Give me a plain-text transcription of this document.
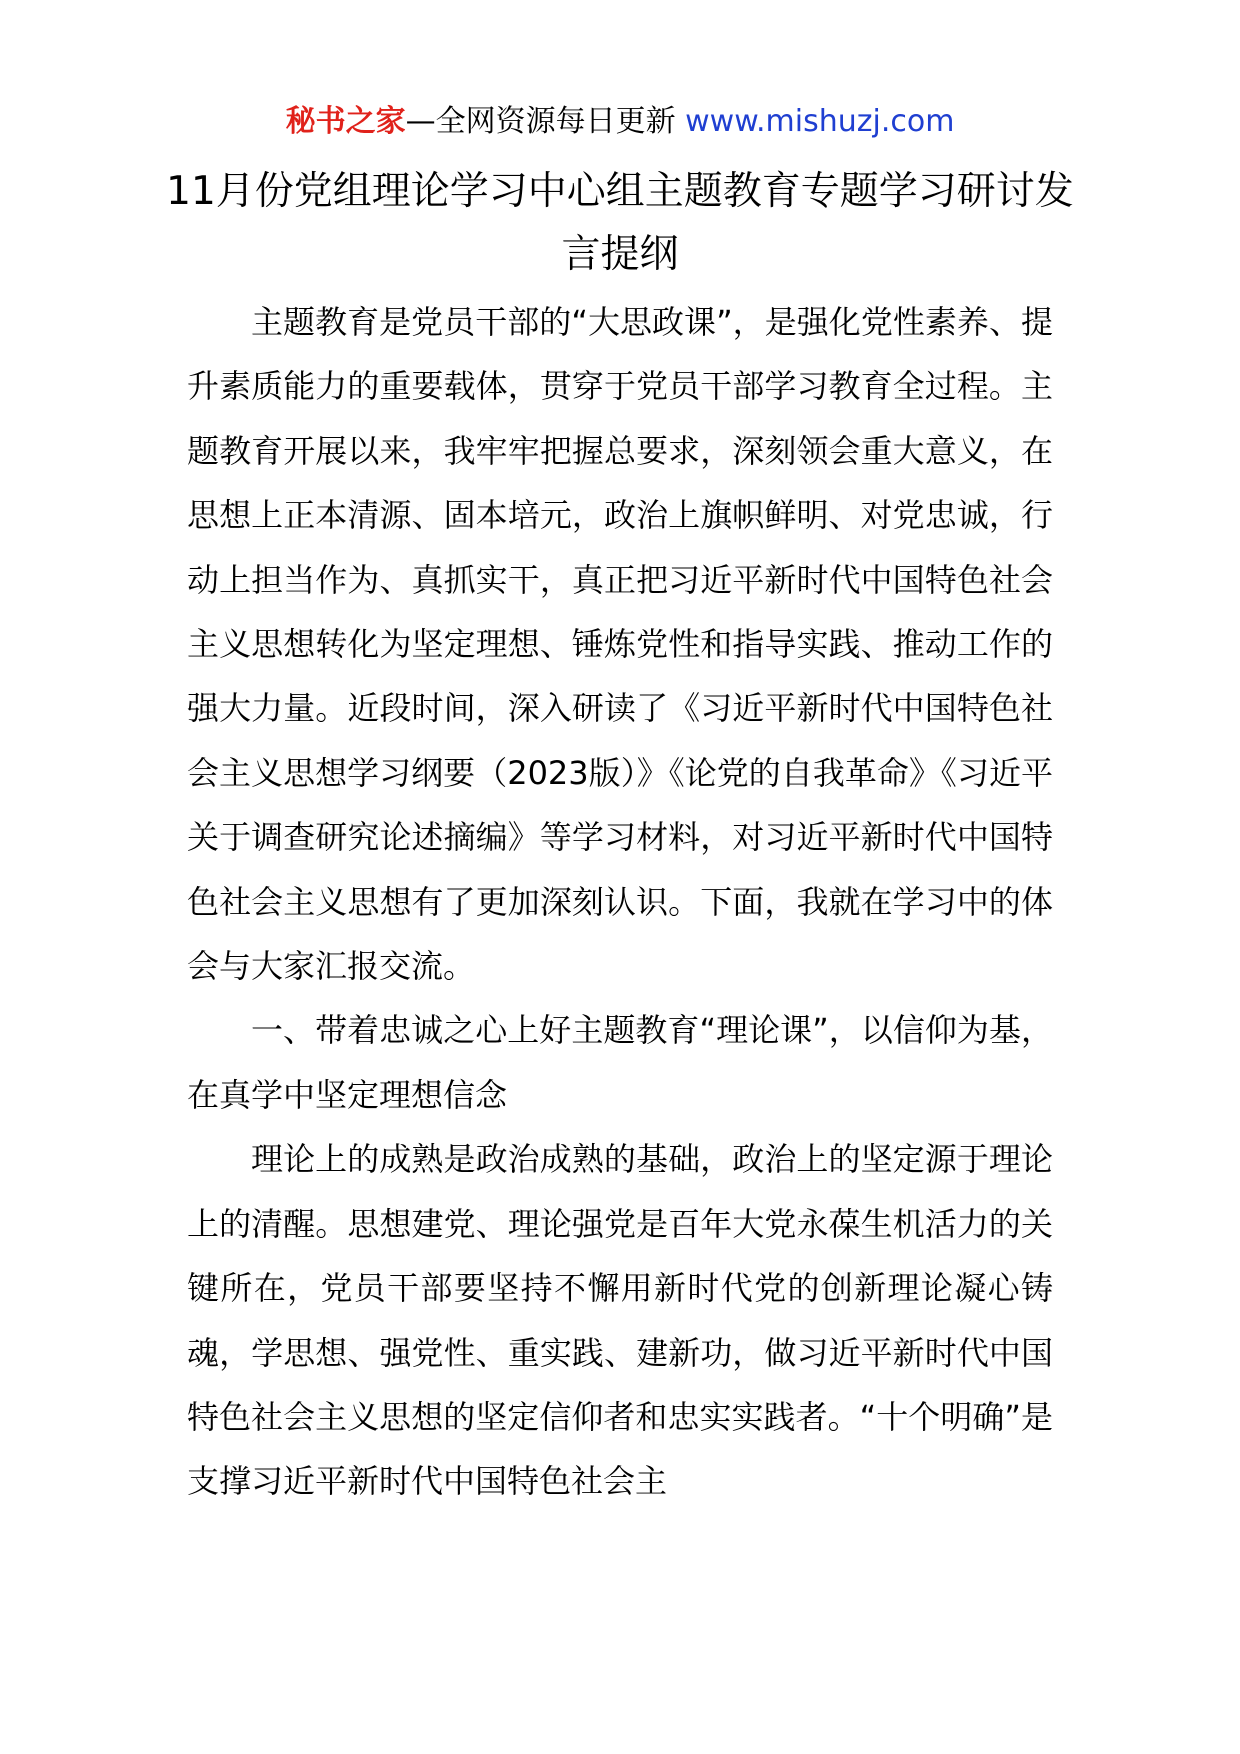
秘书之家—全网资源每日更新 www.mishuzj.com
11月份党组理论学习中心组主题教育专题学习研讨发言提纲

主题教育是党员干部的“大思政课”，是强化党性素养、提升素质能力的重要载体，贯穿于党员干部学习教育全过程。主题教育开展以来，我牢牢把握总要求，深刻领会重大意义，在思想上正本清源、固本培元，政治上旗帜鲜明、对党忠诚，行动上担当作为、真抓实干，真正把习近平新时代中国特色社会主义思想转化为坚定理想、锤炼党性和指导实践、推动工作的强大力量。近段时间，深入研读了《习近平新时代中国特色社会主义思想学习纲要（2023版）》《论党的自我革命》《习近平关于调查研究论述摘编》等学习材料，对习近平新时代中国特色社会主义思想有了更加深刻认识。下面，我就在学习中的体会与大家汇报交流。

一、带着忠诚之心上好主题教育“理论课”，以信仰为基，在真学中坚定理想信念

理论上的成熟是政治成熟的基础，政治上的坚定源于理论上的清醒。思想建党、理论强党是百年大党永葆生机活力的关键所在，党员干部要坚持不懈用新时代党的创新理论凝心铸魂，学思想、强党性、重实践、建新功，做习近平新时代中国特色社会主义思想的坚定信仰者和忠实实践者。“十个明确”是支撑习近平新时代中国特色社会主
